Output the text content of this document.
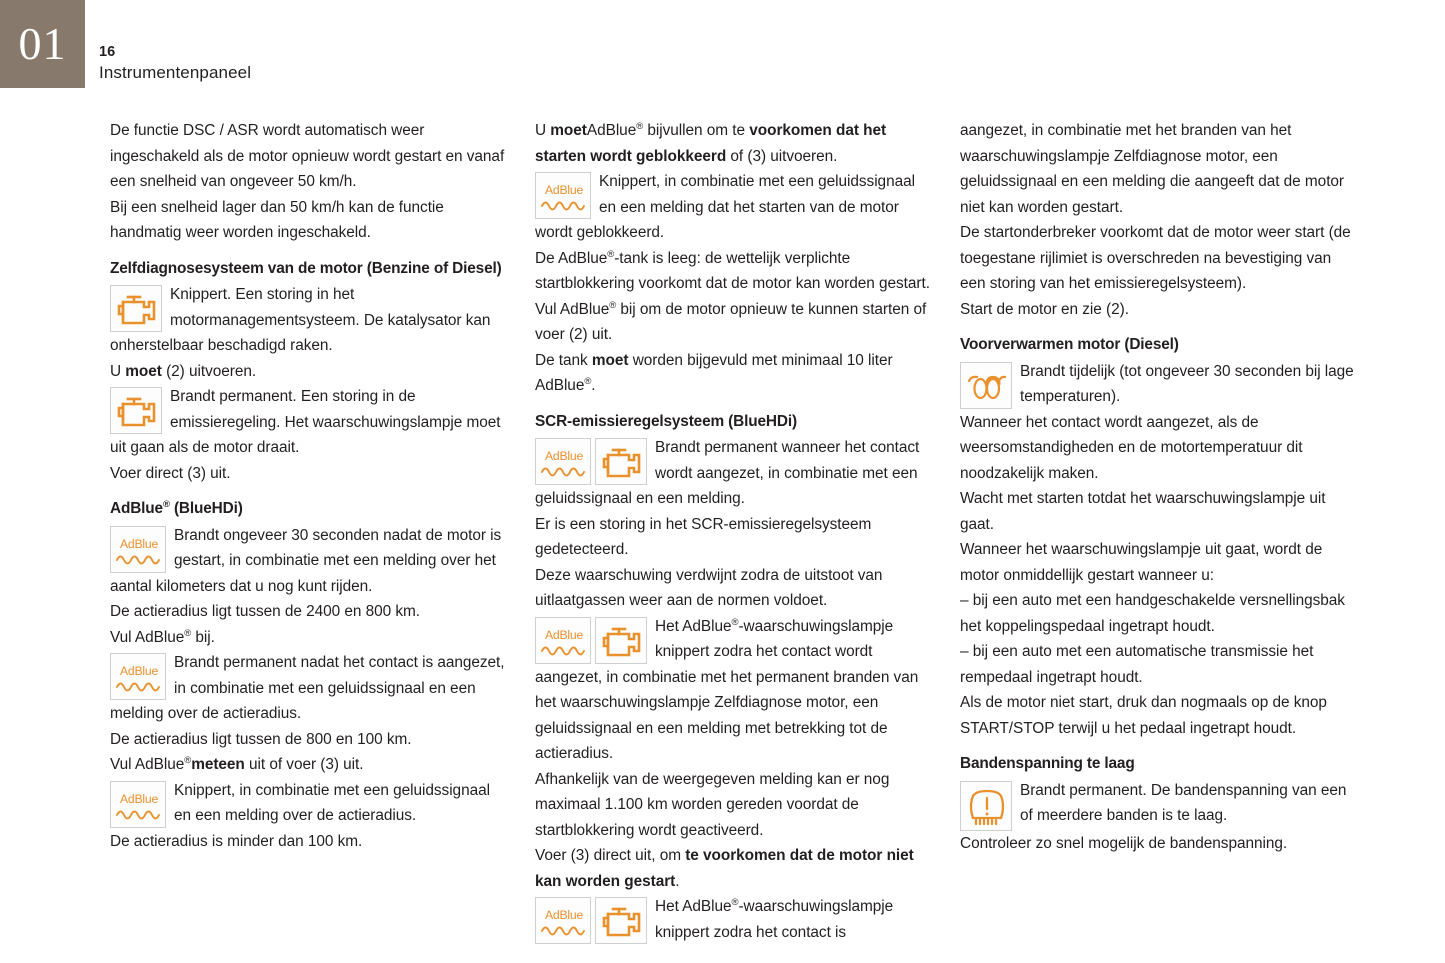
01	16
Instrumentenpaneel

De functie DSC / ASR wordt automatisch weer ingeschakeld als de motor opnieuw wordt gestart en vanaf een snelheid van ongeveer 50 km/h.

Bij een snelheid lager dan 50 km/h kan de functie handmatig weer worden ingeschakeld.

Zelfdiagnosesysteem van de motor (Benzine of Diesel)

Knippert. Een storing in het motormanagementsysteem. De katalysator kan onherstelbaar beschadigd raken.

U moet (2) uitvoeren.

Brandt permanent. Een storing in de emissieregeling. Het waarschuwingslampje moet uit gaan als de motor draait.

Voer direct (3) uit.

AdBlue® (BlueHDi)

AdBlue Brandt ongeveer 30 seconden nadat de motor is gestart, in combinatie met een melding over het aantal kilometers dat u nog kunt rijden.

De actieradius ligt tussen de 2400 en 800 km.

Vul AdBlue® bij.

AdBlue Brandt permanent nadat het contact is aangezet, in combinatie met een geluidssignaal en een melding over de actieradius.

De actieradius ligt tussen de 800 en 100 km.

Vul AdBlue®meteen uit of voer (3) uit.

AdBlue Knippert, in combinatie met een geluidssignaal en een melding over de actieradius.

De actieradius is minder dan 100 km.

U moetAdBlue® bijvullen om te voorkomen dat het starten wordt geblokkeerd of (3) uitvoeren.

AdBlue Knippert, in combinatie met een geluidssignaal en een melding dat het starten van de motor wordt geblokkeerd.

De AdBlue®-tank is leeg: de wettelijk verplichte startblokkering voorkomt dat de motor kan worden gestart.

Vul AdBlue® bij om de motor opnieuw te kunnen starten of voer (2) uit.

De tank moet worden bijgevuld met minimaal 10 liter AdBlue®.

SCR-emissieregelsysteem (BlueHDi)

AdBlue	Brandt permanent wanneer het contact wordt aangezet, in combinatie met een geluidssignaal en een melding.

Er is een storing in het SCR-emissieregelsysteem gedetecteerd.

Deze waarschuwing verdwijnt zodra de uitstoot van uitlaatgassen weer aan de normen voldoet.

AdBlue	Het AdBlue®-waarschuwingslampje knippert zodra het contact wordt aangezet, in combinatie met het permanent branden van het waarschuwingslampje Zelfdiagnose motor, een geluidssignaal en een melding met betrekking tot de actieradius.

Afhankelijk van de weergegeven melding kan er nog maximaal 1.100 km worden gereden voordat de startblokkering wordt geactiveerd.

Voer (3) direct uit, om te voorkomen dat de motor niet kan worden gestart.

AdBlue	Het AdBlue®-waarschuwingslampje knippert zodra het contact is

aangezet, in combinatie met het branden van het waarschuwingslampje Zelfdiagnose motor, een geluidssignaal en een melding die aangeeft dat de motor niet kan worden gestart.

De startonderbreker voorkomt dat de motor weer start (de toegestane rijlimiet is overschreden na bevestiging van een storing van het emissieregelsysteem).

Start de motor en zie (2).

Voorverwarmen motor (Diesel)

Brandt tijdelijk (tot ongeveer 30 seconden bij lage temperaturen).

Wanneer het contact wordt aangezet, als de weersomstandigheden en de motortemperatuur dit noodzakelijk maken.

Wacht met starten totdat het waarschuwingslampje uit gaat.

Wanneer het waarschuwingslampje uit gaat, wordt de motor onmiddellijk gestart wanneer u:

– bij een auto met een handgeschakelde versnellingsbak het koppelingspedaal ingetrapt houdt.

– bij een auto met een automatische transmissie het rempedaal ingetrapt houdt.

Als de motor niet start, druk dan nogmaals op de knop START/STOP terwijl u het pedaal ingetrapt houdt.

Bandenspanning te laag

Brandt permanent. De bandenspanning van een of meerdere banden is te laag.

Controleer zo snel mogelijk de bandenspanning.
